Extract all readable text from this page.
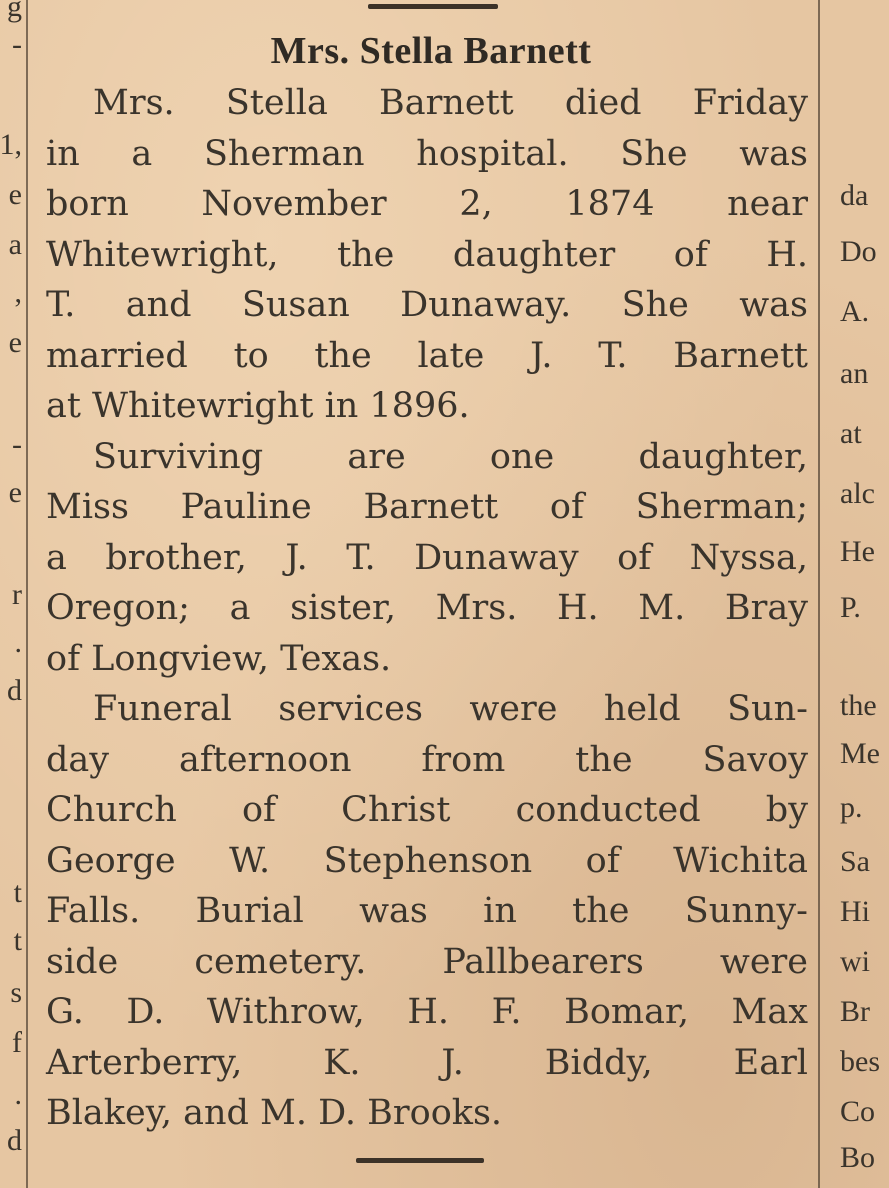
g
-
1,
e
a
,
e
-
e
r
.
d
t
t
s
f
.
d
Mrs. Stella Barnett
Mrs. Stella Barnett died Friday
in a Sherman hospital. She was
born November 2, 1874 near
Whitewright, the daughter of H.
T. and Susan Dunaway. She was
married to the late J. T. Barnett
at Whitewright in 1896.
Surviving are one daughter,
Miss Pauline Barnett of Sherman;
a brother, J. T. Dunaway of Nyssa,
Oregon; a sister, Mrs. H. M. Bray
of Longview, Texas.
Funeral services were held Sun-
day afternoon from the Savoy
Church of Christ conducted by
George W. Stephenson of Wichita
Falls. Burial was in the Sunny-
side cemetery. Pallbearers were
G. D. Withrow, H. F. Bomar, Max
Arterberry, K. J. Biddy, Earl
Blakey, and M. D. Brooks.
da
Do
A.
an
at
alc
He
P.
the
Me
p.
Sa
Hi
wi
Br
bes
Co
Bo
